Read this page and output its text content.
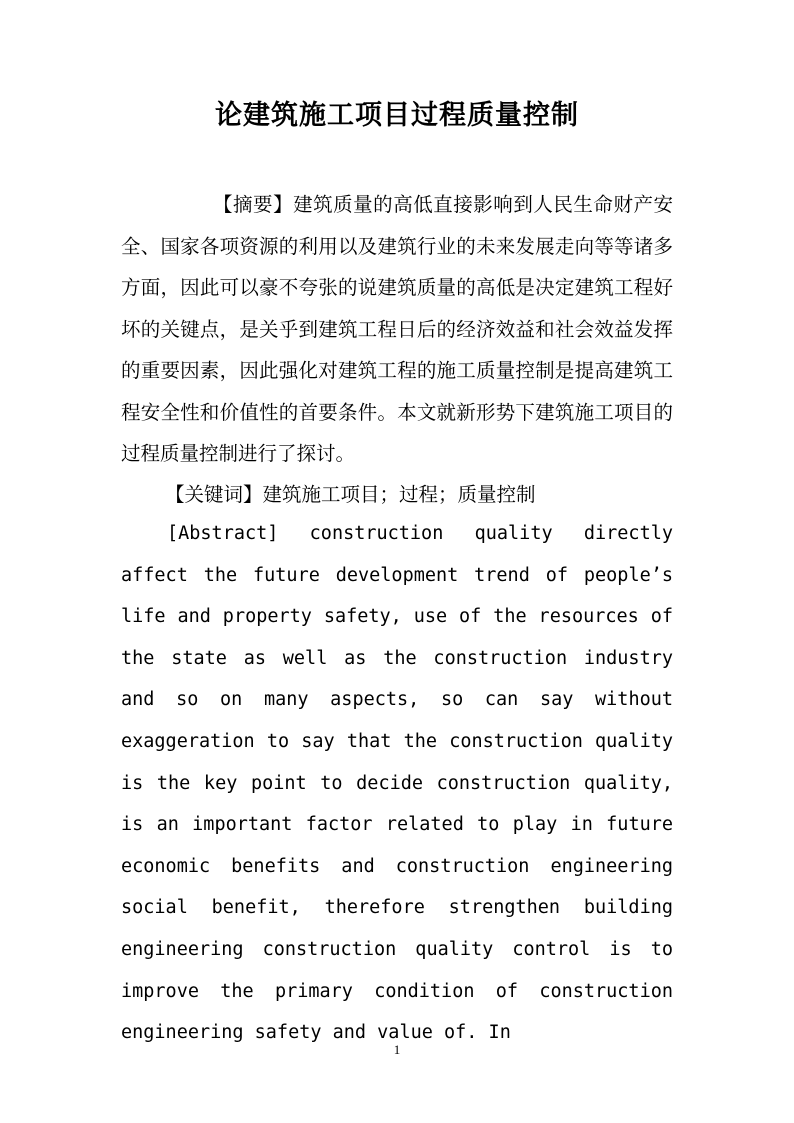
论建筑施工项目过程质量控制

【摘要】建筑质量的高低直接影响到人民生命财产安全、国家各项资源的利用以及建筑行业的未来发展走向等等诸多方面，因此可以豪不夸张的说建筑质量的高低是决定建筑工程好坏的关键点，是关乎到建筑工程日后的经济效益和社会效益发挥的重要因素，因此强化对建筑工程的施工质量控制是提高建筑工程安全性和价值性的首要条件。本文就新形势下建筑施工项目的过程质量控制进行了探讨。

【关键词】建筑施工项目；过程；质量控制

[Abstract] construction quality directly affect the future development trend of people’s life and property safety, use of the resources of the state as well as the construction industry and so on many aspects, so can say without exaggeration to say that the construction quality is the key point to decide construction quality, is an important factor related to play in future economic benefits and construction engineering social benefit, therefore strengthen building engineering construction quality control is to improve the primary condition of construction engineering safety and value of. In

1
